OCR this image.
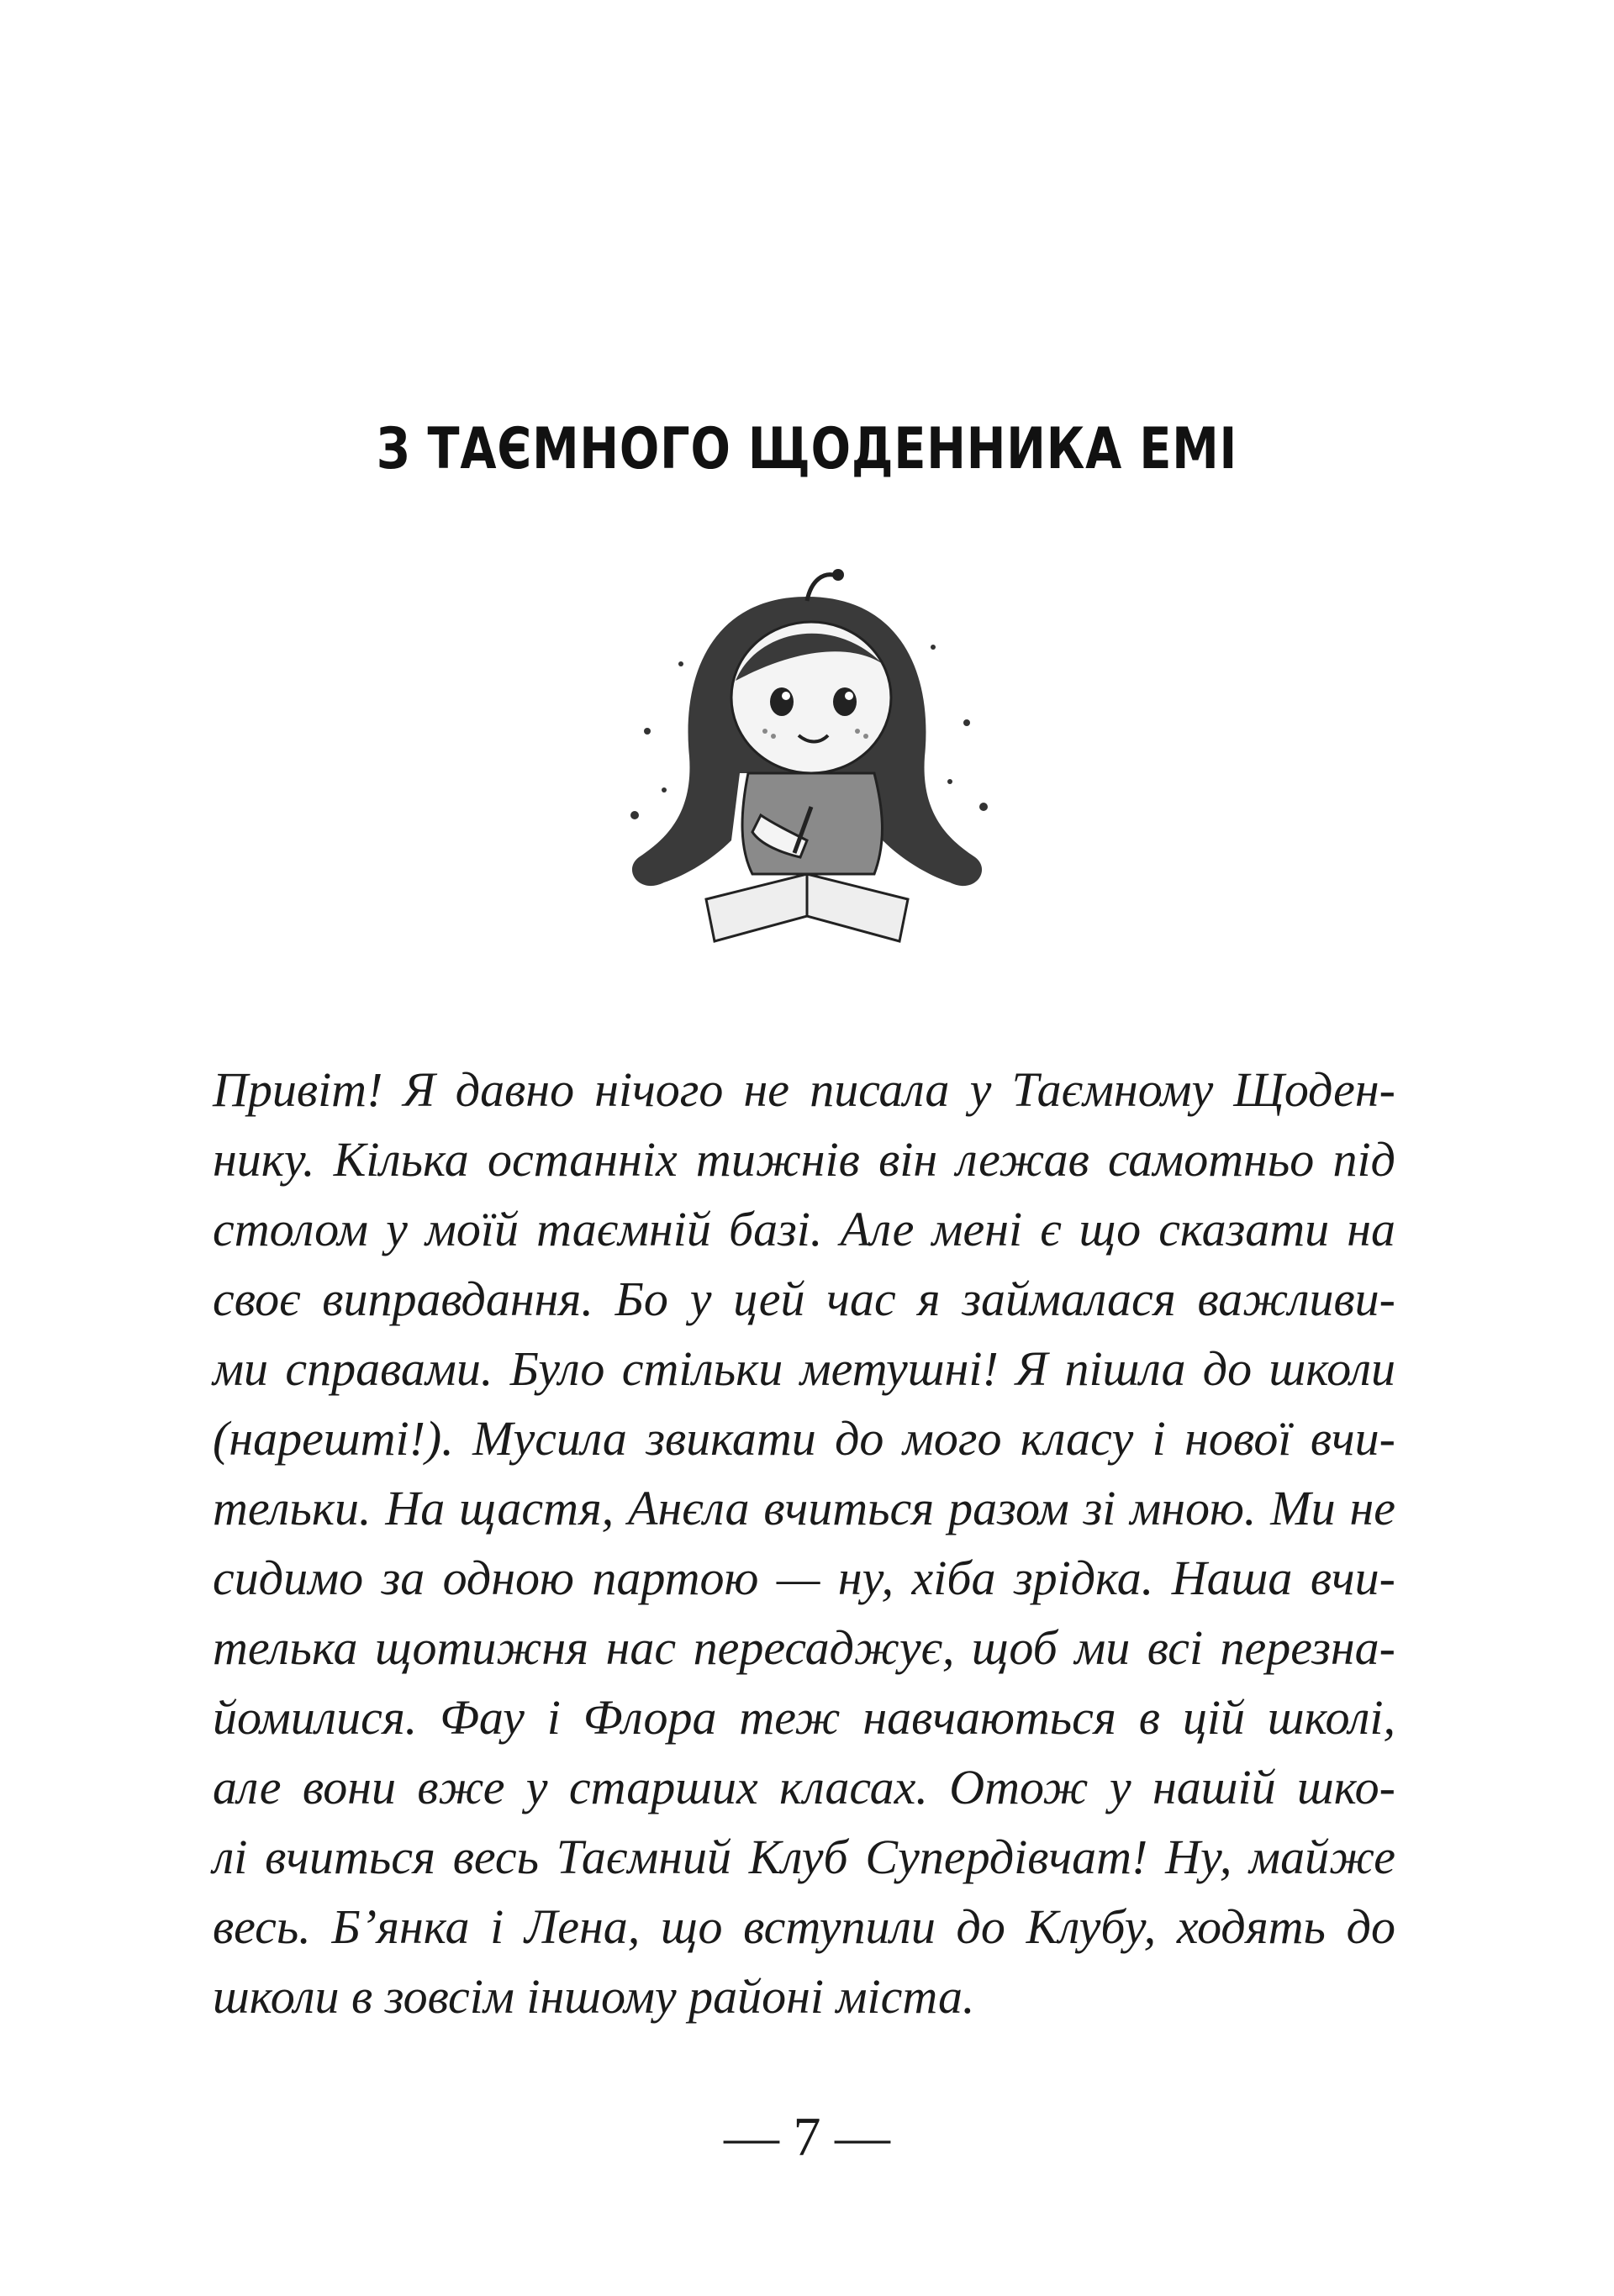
З ТАЄМНОГО ЩОДЕННИКА ЕМІ
Привіт! Я давно нічого не писала у Таємному Щоден-
нику. Кілька останніх тижнів він лежав самотньо під
столом у моїй таємній базі. Але мені є що сказати на
своє виправдання. Бо у цей час я займалася важливи-
ми справами. Було стільки метушні! Я пішла до школи
(нарешті!). Мусила звикати до мого класу і нової вчи-
тельки. На щастя, Анєла вчиться разом зі мною. Ми не
сидимо за одною партою — ну, хіба зрідка. Наша вчи-
телька щотижня нас пересаджує, щоб ми всі перезна-
йомилися. Фау і Флора теж навчаються в цій школі,
але вони вже у старших класах. Отож у нашій шко-
лі вчиться весь Таємний Клуб Супердівчат! Ну, майже
весь. Б’янка і Лена, що вступили до Клубу, ходять до
школи в зовсім іншому районі міста.
— 7 —
